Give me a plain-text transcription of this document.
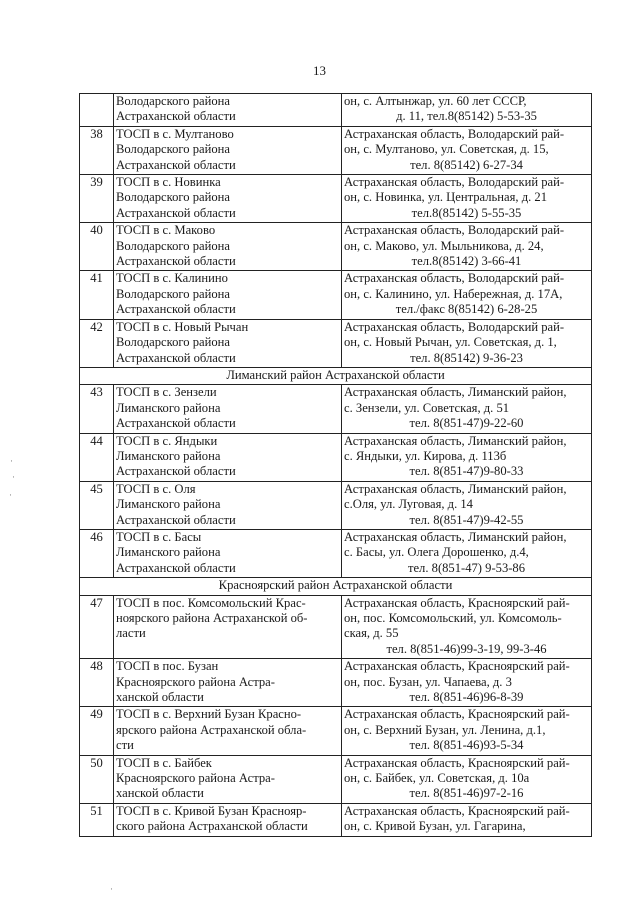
13

	Володарского района
Астраханской области	он, с. Алтынжар, ул. 60 лет СССР,
д. 11, тел.8(85142) 5-53-35

38	ТОСП в с. Мултаново
Володарского района
Астраханской области	Астраханская область, Володарский рай-
он, с. Мултаново, ул. Советская, д. 15,
тел. 8(85142) 6-27-34

39	ТОСП в с. Новинка
Володарского района
Астраханской области	Астраханская область, Володарский рай-
он, с. Новинка, ул. Центральная, д. 21
тел.8(85142) 5-55-35

40	ТОСП в с. Маково
Володарского района
Астраханской области	Астраханская область, Володарский рай-
он, с. Маково, ул. Мыльникова, д. 24,
тел.8(85142) 3-66-41

41	ТОСП в с. Калинино
Володарского района
Астраханской области	Астраханская область, Володарский рай-
он, с. Калинино, ул. Набережная, д. 17А,
тел./факс 8(85142) 6-28-25

42	ТОСП в с. Новый Рычан
Володарского района
Астраханской области	Астраханская область, Володарский рай-
он, с. Новый Рычан, ул. Советская, д. 1,
тел. 8(85142) 9-36-23

Лиманский район Астраханской области		
43	ТОСП в с. Зензели
Лиманского района
Астраханской области	Астраханская область, Лиманский район,
с. Зензели, ул. Советская, д. 51
тел. 8(851-47)9-22-60

44	ТОСП в с. Яндыки
Лиманского района
Астраханской области	Астраханская область, Лиманский район,
с. Яндыки, ул. Кирова, д. 113б
тел. 8(851-47)9-80-33

45	ТОСП в с. Оля
Лиманского района
Астраханской области	Астраханская область, Лиманский район,
с.Оля, ул. Луговая, д. 14
тел. 8(851-47)9-42-55

46	ТОСП в с. Басы
Лиманского района
Астраханской области	Астраханская область, Лиманский район,
с. Басы, ул. Олега Дорошенко, д.4,
тел. 8(851-47) 9-53-86

Красноярский район Астраханской области		
47	ТОСП в пос. Комсомольский Крас-
ноярского района Астраханской об-
ласти	Астраханская область, Красноярский рай-
он, пос. Комсомольский, ул. Комсомоль-
ская, д. 55
тел. 8(851-46)99-3-19, 99-3-46

48	ТОСП в пос. Бузан
Красноярского района Астра-
ханской области	Астраханская область, Красноярский рай-
он, пос. Бузан, ул. Чапаева, д. 3
тел. 8(851-46)96-8-39

49	ТОСП в с. Верхний Бузан Красно-
ярского района Астраханской обла-
сти	Астраханская область, Красноярский рай-
он, с. Верхний Бузан, ул. Ленина, д.1,
тел. 8(851-46)93-5-34

50	ТОСП в с. Байбек
Красноярского района Астра-
ханской области	Астраханская область, Красноярский рай-
он, с. Байбек, ул. Советская, д. 10а
тел. 8(851-46)97-2-16

51	ТОСП в с. Кривой Бузан Краснояр-
ского района Астраханской области	Астраханская область, Красноярский рай-
он, с. Кривой Бузан, ул. Гагарина,
·
·
·
·
